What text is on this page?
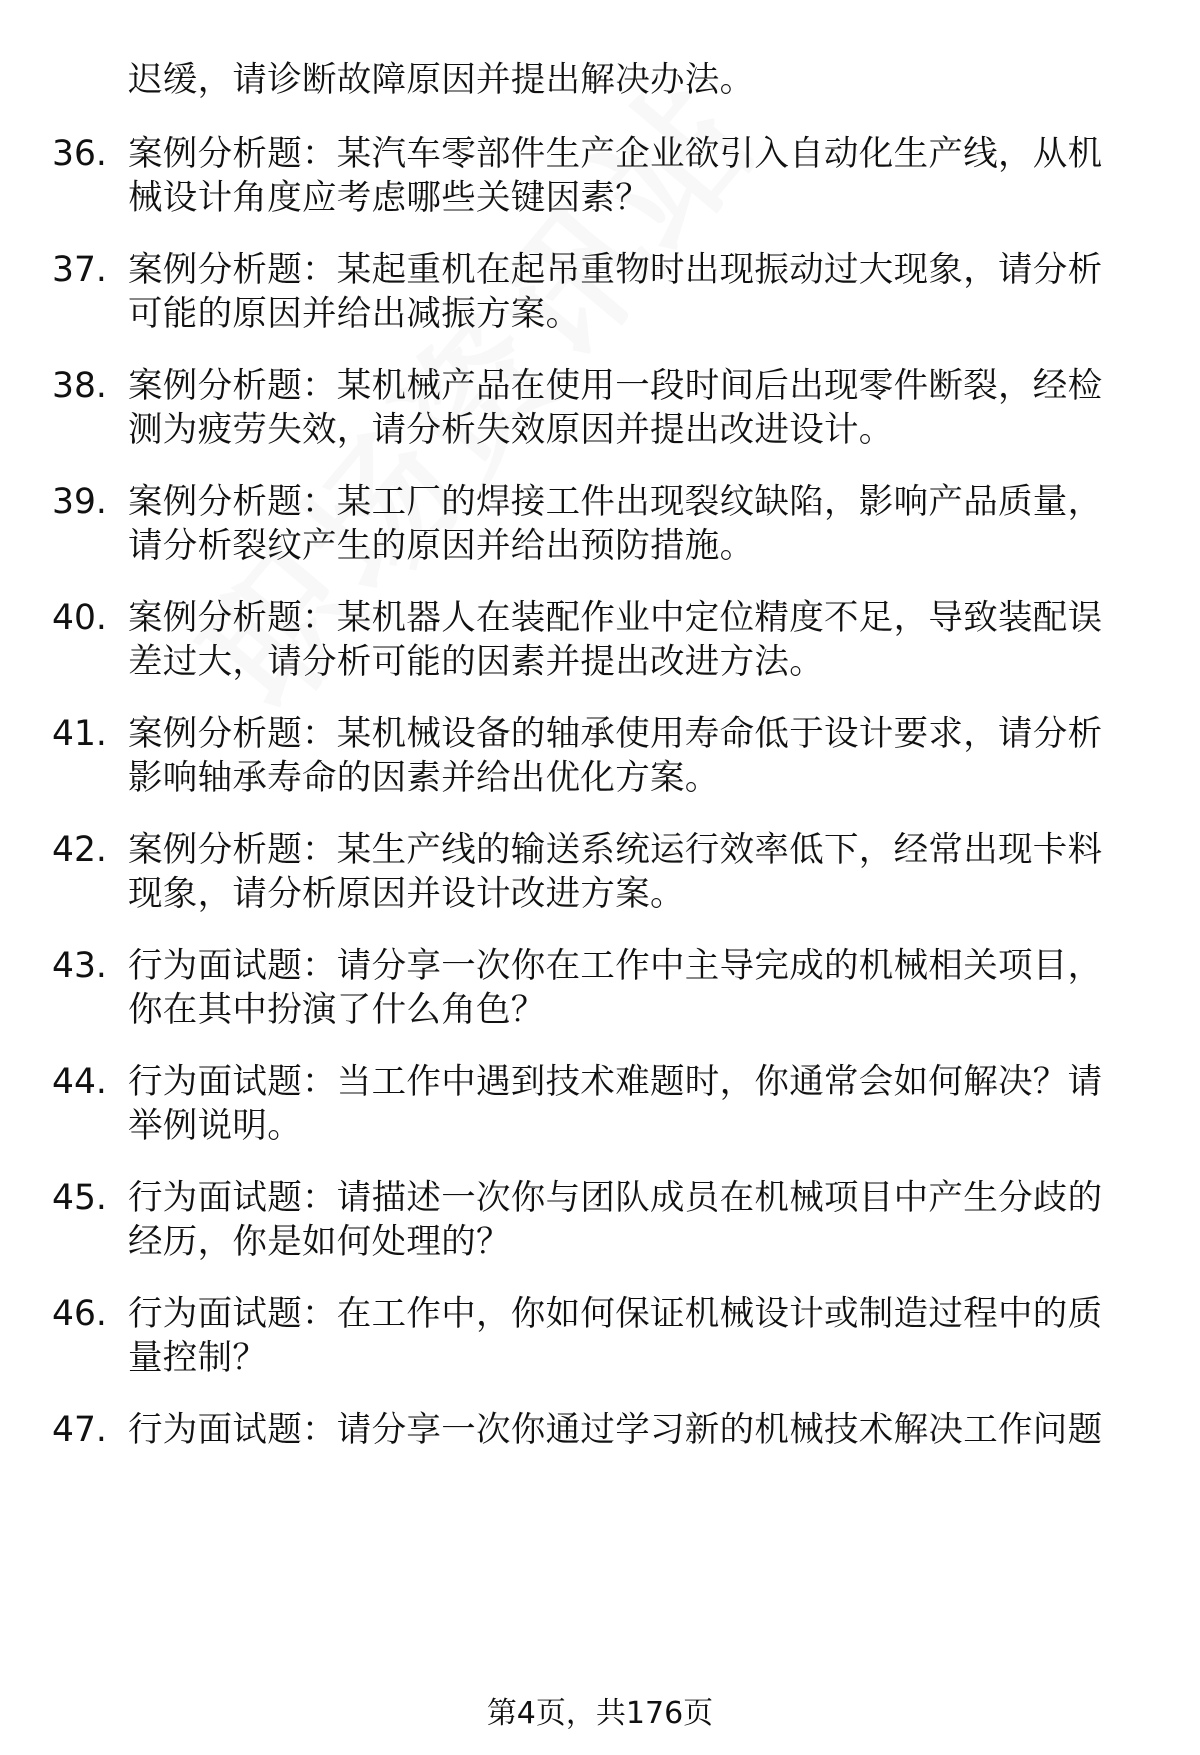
迟缓，请诊断故障原因并提出解决办法。
36. 案例分析题：某汽车零部件生产企业欲引入自动化生产线，从机
械设计角度应考虑哪些关键因素？
37. 案例分析题：某起重机在起吊重物时出现振动过大现象，请分析
可能的原因并给出减振方案。
38. 案例分析题：某机械产品在使用一段时间后出现零件断裂，经检
测为疲劳失效，请分析失效原因并提出改进设计。
39. 案例分析题：某工厂的焊接工件出现裂纹缺陷，影响产品质量，
请分析裂纹产生的原因并给出预防措施。
40. 案例分析题：某机器人在装配作业中定位精度不足，导致装配误
差过大，请分析可能的因素并提出改进方法。
41. 案例分析题：某机械设备的轴承使用寿命低于设计要求，请分析
影响轴承寿命的因素并给出优化方案。
42. 案例分析题：某生产线的输送系统运行效率低下，经常出现卡料
现象，请分析原因并设计改进方案。
43. 行为面试题：请分享一次你在工作中主导完成的机械相关项目，
你在其中扮演了什么角色？
44. 行为面试题：当工作中遇到技术难题时，你通常会如何解决？请
举例说明。
45. 行为面试题：请描述一次你与团队成员在机械项目中产生分歧的
经历，你是如何处理的？
46. 行为面试题：在工作中，你如何保证机械设计或制造过程中的质
量控制？
47. 行为面试题：请分享一次你通过学习新的机械技术解决工作问题
第4页，共176页
